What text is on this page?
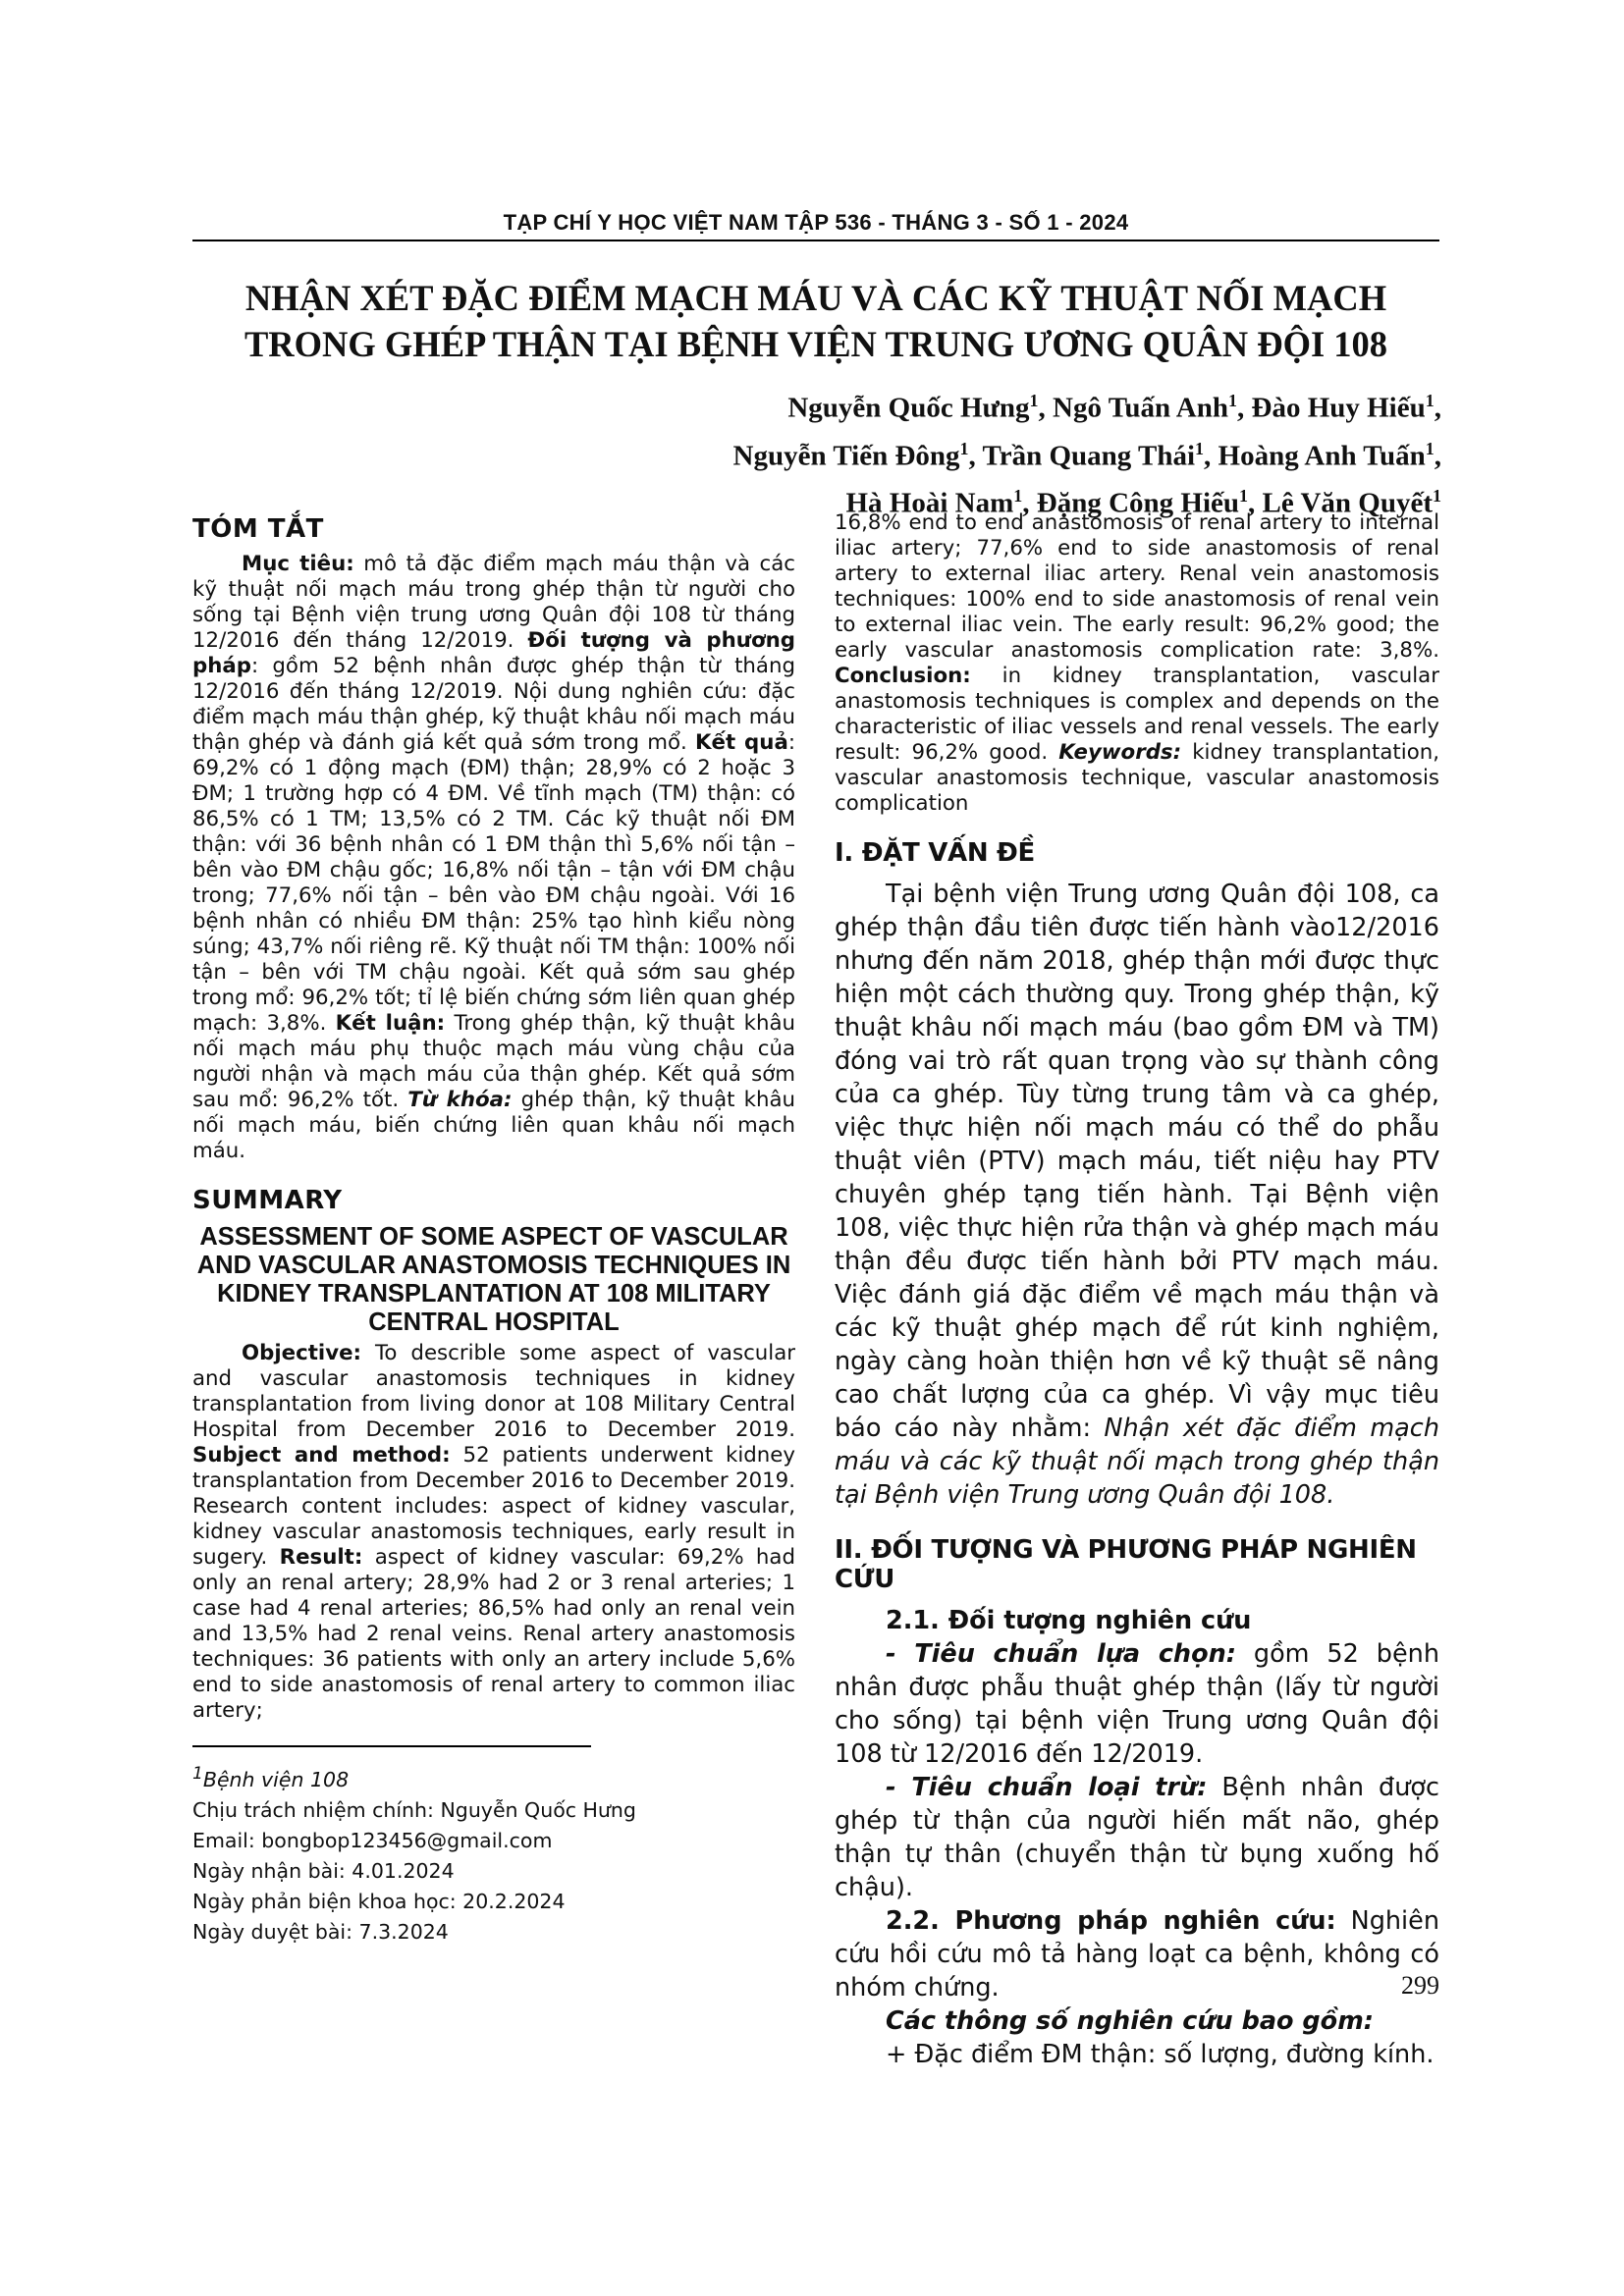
TẠP CHÍ Y HỌC VIỆT NAM TẬP 536 - THÁNG 3 - SỐ 1 - 2024
NHẬN XÉT ĐẶC ĐIỂM MẠCH MÁU VÀ CÁC KỸ THUẬT NỐI MẠCH
TRONG GHÉP THẬN TẠI BỆNH VIỆN TRUNG ƯƠNG QUÂN ĐỘI 108
Nguyễn Quốc Hưng$^1$, Ngô Tuấn Anh$^1$, Đào Huy Hiếu$^1$,
Nguyễn Tiến Đông$^1$, Trần Quang Thái$^1$, Hoàng Anh Tuấn$^1$,
Hà Hoài Nam$^1$, Đặng Công Hiếu$^1$, Lê Văn Quyết$^1$
TÓM TẮT

Mục tiêu: mô tả đặc điểm mạch máu thận và các kỹ thuật nối mạch máu trong ghép thận từ người cho sống tại Bệnh viện trung ương Quân đội 108 từ tháng 12/2016 đến tháng 12/2019. Đối tượng và phương pháp: gồm 52 bệnh nhân được ghép thận từ tháng 12/2016 đến tháng 12/2019. Nội dung nghiên cứu: đặc điểm mạch máu thận ghép, kỹ thuật khâu nối mạch máu thận ghép và đánh giá kết quả sớm trong mổ. Kết quả: 69,2% có 1 động mạch (ĐM) thận; 28,9% có 2 hoặc 3 ĐM; 1 trường hợp có 4 ĐM. Về tĩnh mạch (TM) thận: có 86,5% có 1 TM; 13,5% có 2 TM. Các kỹ thuật nối ĐM thận: với 36 bệnh nhân có 1 ĐM thận thì 5,6% nối tận – bên vào ĐM chậu gốc; 16,8% nối tận – tận với ĐM chậu trong; 77,6% nối tận – bên vào ĐM chậu ngoài. Với 16 bệnh nhân có nhiều ĐM thận: 25% tạo hình kiểu nòng súng; 43,7% nối riêng rẽ. Kỹ thuật nối TM thận: 100% nối tận – bên với TM chậu ngoài. Kết quả sớm sau ghép trong mổ: 96,2% tốt; tỉ lệ biến chứng sớm liên quan ghép mạch: 3,8%. Kết luận: Trong ghép thận, kỹ thuật khâu nối mạch máu phụ thuộc mạch máu vùng chậu của người nhận và mạch máu của thận ghép. Kết quả sớm sau mổ: 96,2% tốt. Từ khóa: ghép thận, kỹ thuật khâu nối mạch máu, biến chứng liên quan khâu nối mạch máu.

SUMMARY
ASSESSMENT OF SOME ASPECT OF VASCULAR AND VASCULAR ANASTOMOSIS TECHNIQUES IN KIDNEY TRANSPLANTATION AT 108 MILITARY CENTRAL HOSPITAL

Objective: To describle some aspect of vascular and vascular anastomosis techniques in kidney transplantation from living donor at 108 Military Central Hospital from December 2016 to December 2019. Subject and method: 52 patients underwent kidney transplantation from December 2016 to December 2019. Research content includes: aspect of kidney vascular, kidney vascular anastomosis techniques, early result in sugery. Result: aspect of kidney vascular: 69,2% had only an renal artery; 28,9% had 2 or 3 renal arteries; 1 case had 4 renal arteries; 86,5% had only an renal vein and 13,5% had 2 renal veins. Renal artery anastomosis techniques: 36 patients with only an artery include 5,6% end to side anastomosis of renal artery to common iliac artery;

$^1$Bệnh viện 108

Chịu trách nhiệm chính: Nguyễn Quốc Hưng

Email: bongbop123456@gmail.com

Ngày nhận bài: 4.01.2024

Ngày phản biện khoa học: 20.2.2024

Ngày duyệt bài: 7.3.2024

16,8% end to end anastomosis of renal artery to internal iliac artery; 77,6% end to side anastomosis of renal artery to external iliac artery. Renal vein anastomosis techniques: 100% end to side anastomosis of renal vein to external iliac vein. The early result: 96,2% good; the early vascular anastomosis complication rate: 3,8%. Conclusion: in kidney transplantation, vascular anastomosis techniques is complex and depends on the characteristic of iliac vessels and renal vessels. The early result: 96,2% good. Keywords: kidney transplantation, vascular anastomosis technique, vascular anastomosis complication

I. ĐẶT VẤN ĐỀ

Tại bệnh viện Trung ương Quân đội 108, ca ghép thận đầu tiên được tiến hành vào12/2016 nhưng đến năm 2018, ghép thận mới được thực hiện một cách thường quy. Trong ghép thận, kỹ thuật khâu nối mạch máu (bao gồm ĐM và TM) đóng vai trò rất quan trọng vào sự thành công của ca ghép. Tùy từng trung tâm và ca ghép, việc thực hiện nối mạch máu có thể do phẫu thuật viên (PTV) mạch máu, tiết niệu hay PTV chuyên ghép tạng tiến hành. Tại Bệnh viện 108, việc thực hiện rửa thận và ghép mạch máu thận đều được tiến hành bởi PTV mạch máu. Việc đánh giá đặc điểm về mạch máu thận và các kỹ thuật ghép mạch để rút kinh nghiệm, ngày càng hoàn thiện hơn về kỹ thuật sẽ nâng cao chất lượng của ca ghép. Vì vậy mục tiêu báo cáo này nhằm: Nhận xét đặc điểm mạch máu và các kỹ thuật nối mạch trong ghép thận tại Bệnh viện Trung ương Quân đội 108.

II. ĐỐI TƯỢNG VÀ PHƯƠNG PHÁP NGHIÊN CỨU

2.1. Đối tượng nghiên cứu

- Tiêu chuẩn lựa chọn: gồm 52 bệnh nhân được phẫu thuật ghép thận (lấy từ người cho sống) tại bệnh viện Trung ương Quân đội 108 từ 12/2016 đến 12/2019.

- Tiêu chuẩn loại trừ: Bệnh nhân được ghép từ thận của người hiến mất não, ghép thận tự thân (chuyển thận từ bụng xuống hố chậu).

2.2. Phương pháp nghiên cứu: Nghiên cứu hồi cứu mô tả hàng loạt ca bệnh, không có nhóm chứng.

Các thông số nghiên cứu bao gồm:

+ Đặc điểm ĐM thận: số lượng, đường kính.

299
